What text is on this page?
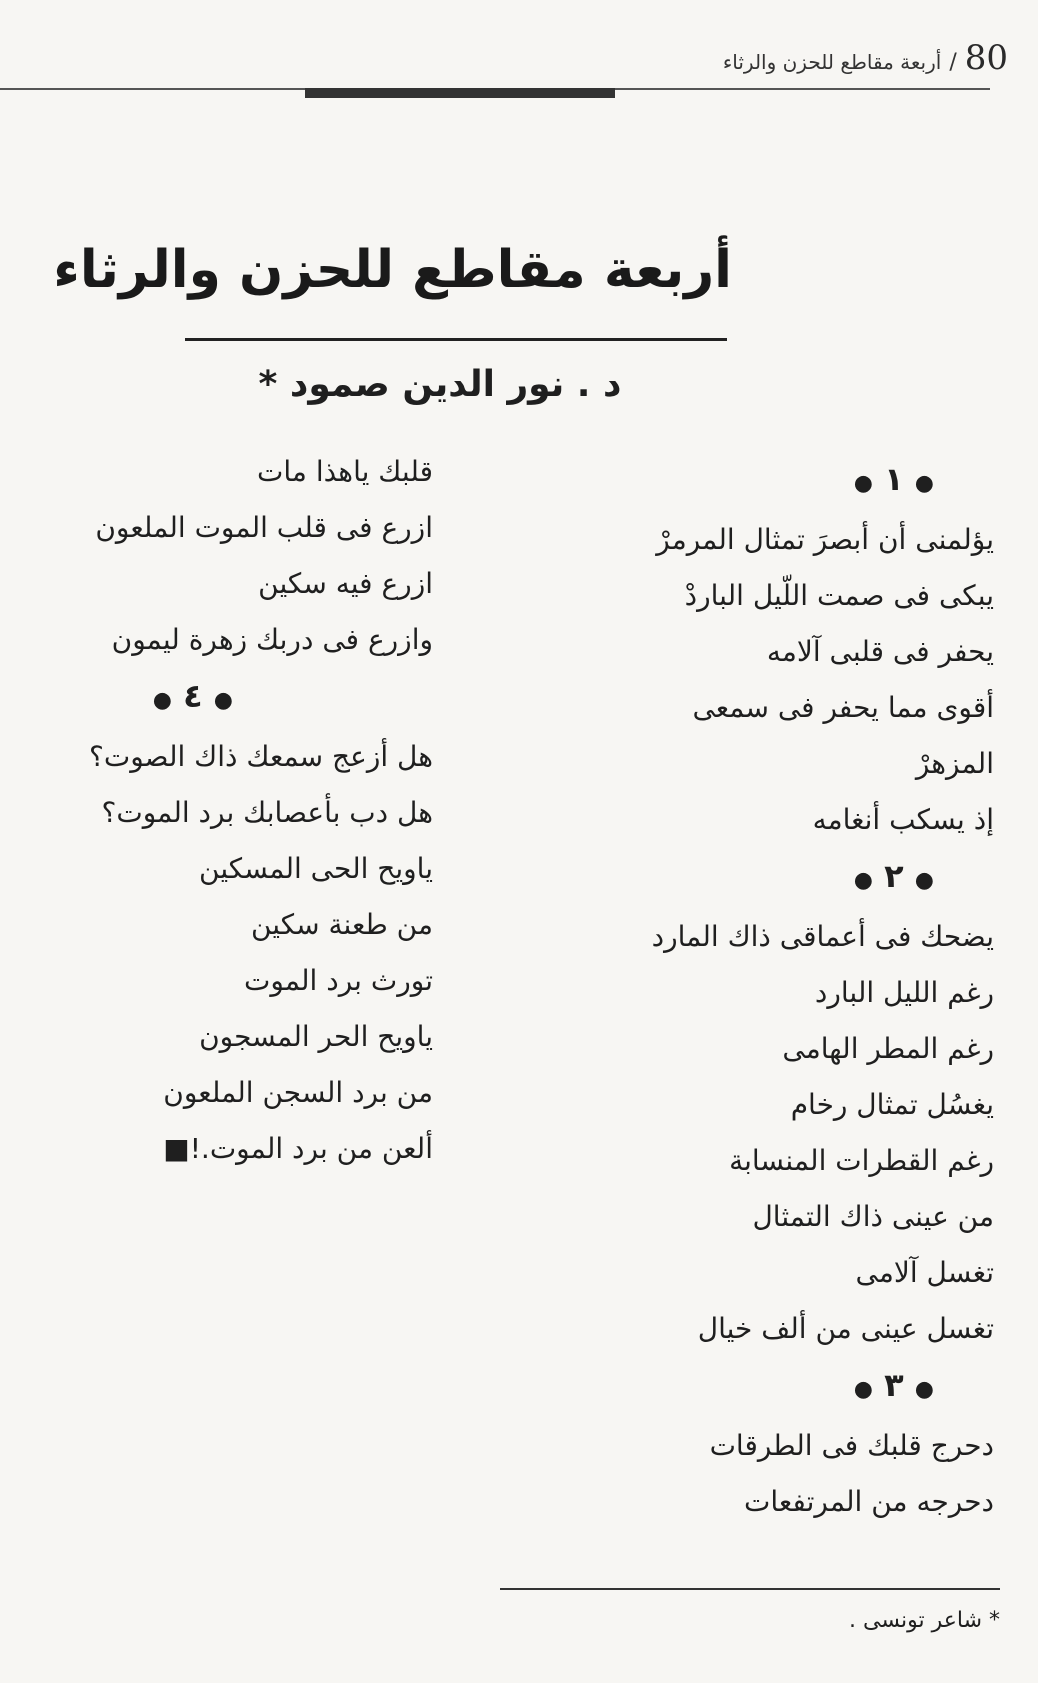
80/أربعة مقاطع للحزن والرثاء
أربعة مقاطع للحزن والرثاء
د . نور الدين صمود *
● ١ ●
يؤلمنى أن أبصرَ تمثال المرمرْ
يبكى فى صمت اللّيل الباردْ
يحفر فى قلبى آلامه
أقوى مما يحفر فى سمعى
المزهرْ
إذ يسكب أنغامه
● ٢ ●
يضحك فى أعماقى ذاك المارد
رغم الليل البارد
رغم المطر الهامى
يغسُل تمثال رخام
رغم القطرات المنسابة
من عينى ذاك التمثال
تغسل آلامى
تغسل عينى من ألف خيال
● ٣ ●
دحرج قلبك فى الطرقات
دحرجه من المرتفعات
قلبك ياهذا مات
ازرع فى قلب الموت الملعون
ازرع فيه سكين
وازرع فى دربك زهرة ليمون
● ٤ ●
هل أزعج سمعك ذاك الصوت؟
هل دب بأعصابك برد الموت؟
ياويح الحى المسكين
من طعنة سكين
تورث برد الموت
ياويح الحر المسجون
من برد السجن الملعون
ألعن من برد الموت.!■
* شاعر تونسى .
